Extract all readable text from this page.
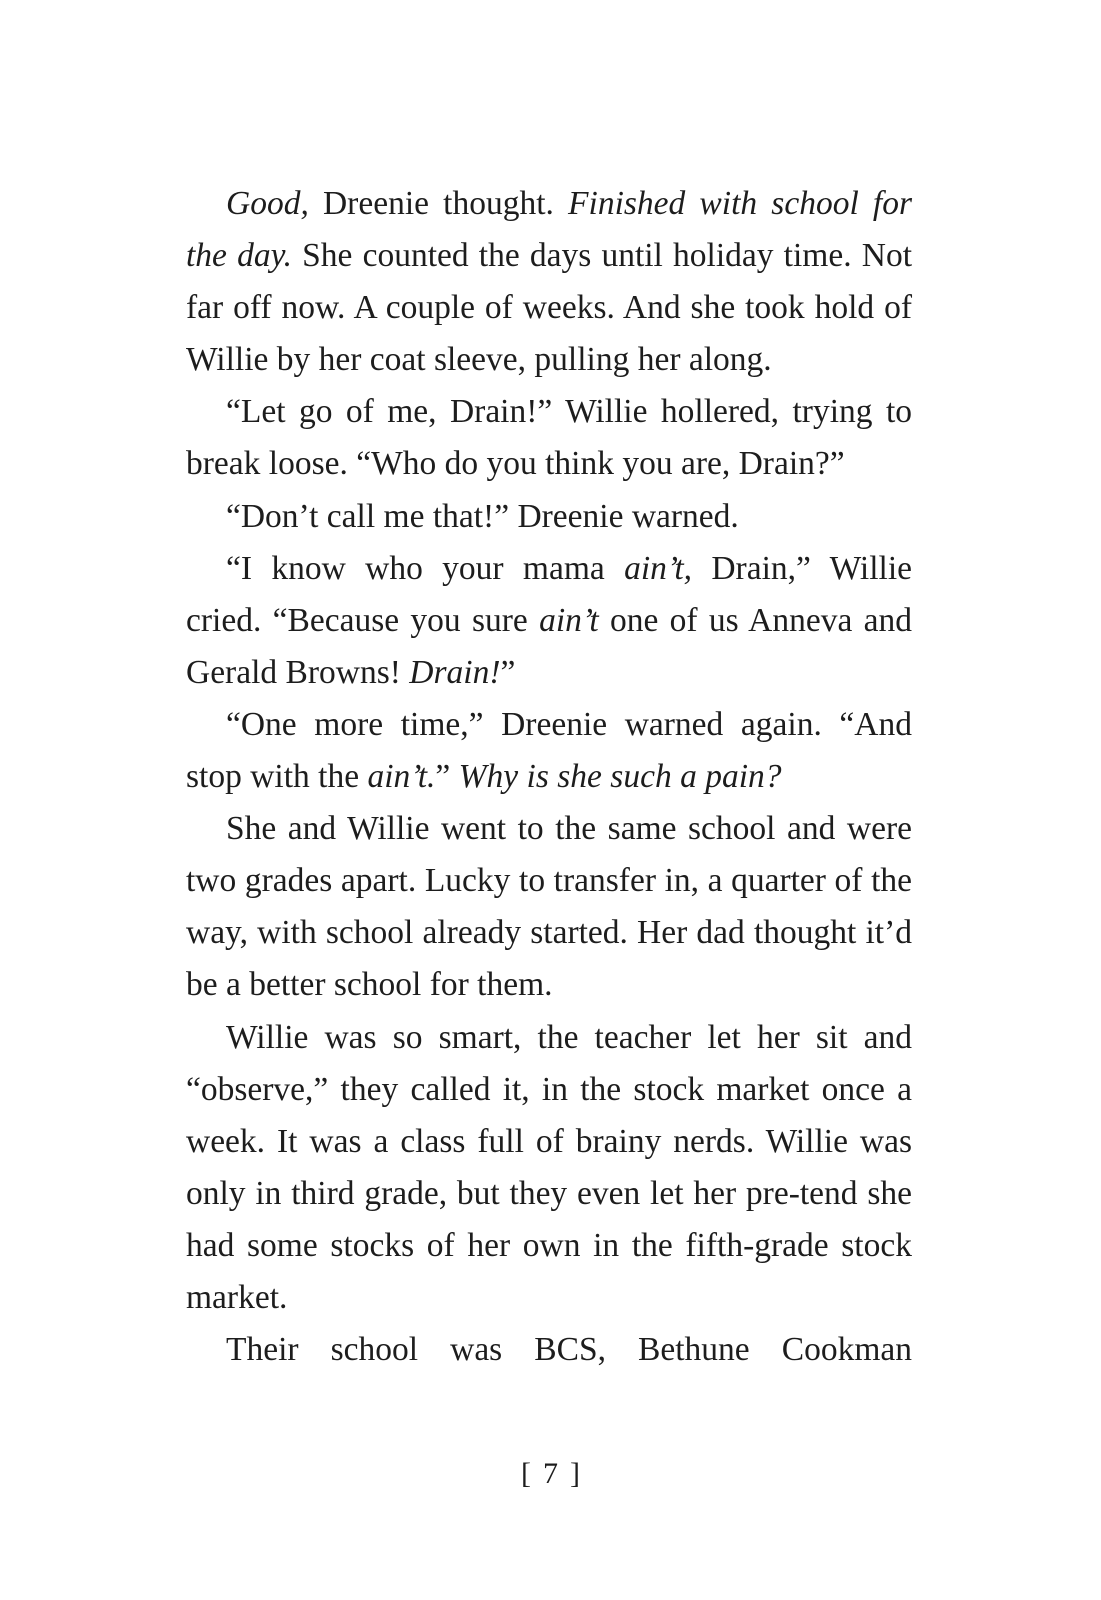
Good, Dreenie thought. Finished with school for the day. She counted the days until holiday time. Not far off now. A couple of weeks. And she took hold of Willie by her coat sleeve, pulling her along.

“Let go of me, Drain!” Willie hollered, trying to break loose. “Who do you think you are, Drain?”

“Don’t call me that!” Dreenie warned.

“I know who your mama ain’t, Drain,” Willie cried. “Because you sure ain’t one of us Anneva and Gerald Browns! Drain!”

“One more time,” Dreenie warned again. “And stop with the ain’t.” Why is she such a pain?

She and Willie went to the same school and were two grades apart. Lucky to transfer in, a quarter of the way, with school already started. Her dad thought it’d be a better school for them.

Willie was so smart, the teacher let her sit and “observe,” they called it, in the stock market once a week. It was a class full of brainy nerds. Willie was only in third grade, but they even let her pre-tend she had some stocks of her own in the fifth-grade stock market.

Their school was BCS, Bethune Cookman

[ 7 ]
